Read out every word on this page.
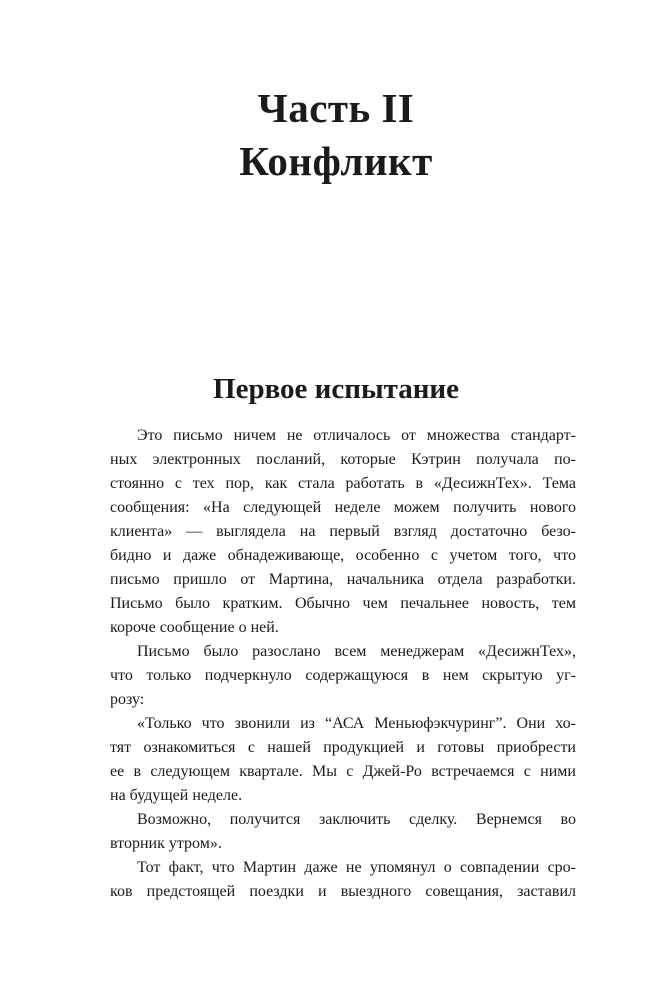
Часть II
Конфликт
Первое испытание
Это письмо ничем не отличалось от множества стандарт-
ных электронных посланий, которые Кэтрин получала по-
стоянно с тех пор, как стала работать в «ДесижнТех». Тема
сообщения: «На следующей неделе можем получить нового
клиента» — выглядела на первый взгляд достаточно безо-
бидно и даже обнадеживающе, особенно с учетом того, что
письмо пришло от Мартина, начальника отдела разработки.
Письмо было кратким. Обычно чем печальнее новость, тем
короче сообщение о ней.
Письмо было разослано всем менеджерам «ДесижнТех»,
что только подчеркнуло содержащуюся в нем скрытую уг-
розу:
«Только что звонили из “АСА Меньюфэкчуринг”. Они хо-
тят ознакомиться с нашей продукцией и готовы приобрести
ее в следующем квартале. Мы с Джей-Ро встречаемся с ними
на будущей неделе.
Возможно, получится заключить сделку. Вернемся во
вторник утром».
Тот факт, что Мартин даже не упомянул о совпадении сро-
ков предстоящей поездки и выездного совещания, заставил
